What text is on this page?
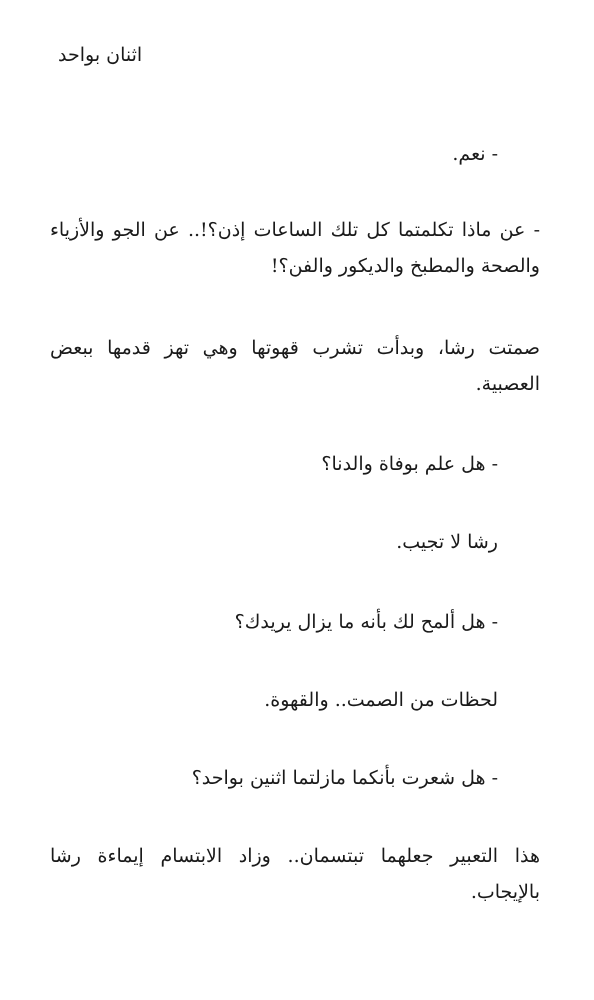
اثنان بواحد
- نعم.
- عن ماذا تكلمتما كل تلك الساعات إذن؟!.. عن الجو والأزياء والصحة والمطبخ والديكور والفن؟!
صمتت رشا، وبدأت تشرب قهوتها وهي تهز قدمها ببعض العصبية.
- هل علم بوفاة والدنا؟
رشا لا تجيب.
- هل ألمح لك بأنه ما يزال يريدك؟
لحظات من الصمت.. والقهوة.
- هل شعرت بأنكما مازلتما اثنين بواحد؟
هذا التعبير جعلهما تبتسمان.. وزاد الابتسام إيماءة رشا بالإيجاب.
